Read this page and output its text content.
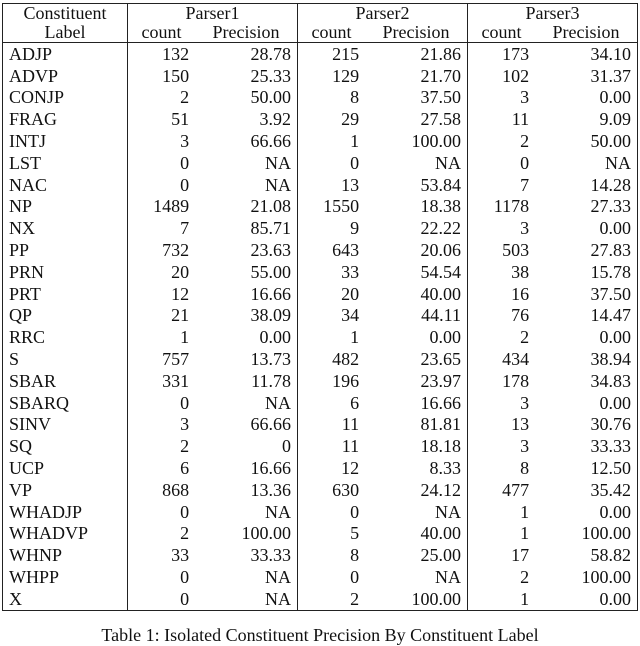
Constituent	Parser1		Parser2		Parser3	
Label	count	Precision	count	Precision	count	Precision
ADJP	132	28.78	215	21.86	173	34.10
ADVP	150	25.33	129	21.70	102	31.37
CONJP	2	50.00	8	37.50	3	0.00
FRAG	51	3.92	29	27.58	11	9.09
INTJ	3	66.66	1	100.00	2	50.00
LST	0	NA	0	NA	0	NA
NAC	0	NA	13	53.84	7	14.28
NP	1489	21.08	1550	18.38	1178	27.33
NX	7	85.71	9	22.22	3	0.00
PP	732	23.63	643	20.06	503	27.83
PRN	20	55.00	33	54.54	38	15.78
PRT	12	16.66	20	40.00	16	37.50
QP	21	38.09	34	44.11	76	14.47
RRC	1	0.00	1	0.00	2	0.00
S	757	13.73	482	23.65	434	38.94
SBAR	331	11.78	196	23.97	178	34.83
SBARQ	0	NA	6	16.66	3	0.00
SINV	3	66.66	11	81.81	13	30.76
SQ	2	0	11	18.18	3	33.33
UCP	6	16.66	12	8.33	8	12.50
VP	868	13.36	630	24.12	477	35.42
WHADJP	0	NA	0	NA	1	0.00
WHADVP	2	100.00	5	40.00	1	100.00
WHNP	33	33.33	8	25.00	17	58.82
WHPP	0	NA	0	NA	2	100.00
X	0	NA	2	100.00	1	0.00
Table 1: Isolated Constituent Precision By Constituent Label
